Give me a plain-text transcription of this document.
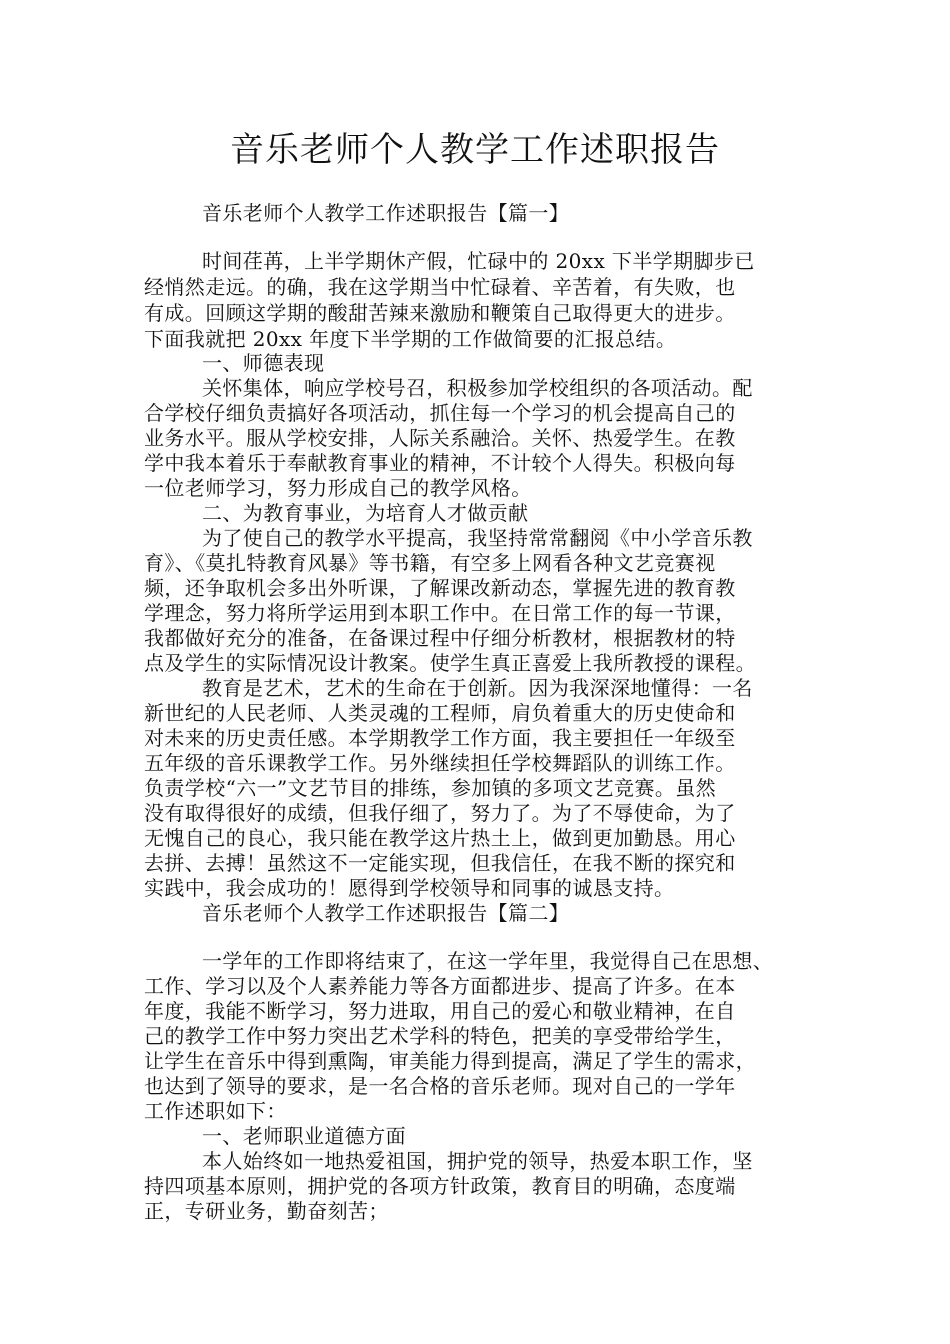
音乐老师个人教学工作述职报告
音乐老师个人教学工作述职报告【篇一】
时间荏苒，上半学期休产假，忙碌中的 20xx 下半学期脚步已
经悄然走远。的确，我在这学期当中忙碌着、辛苦着，有失败，也
有成。回顾这学期的酸甜苦辣来激励和鞭策自己取得更大的进步。
下面我就把 20xx 年度下半学期的工作做简要的汇报总结。
一、师德表现
关怀集体，响应学校号召，积极参加学校组织的各项活动。配
合学校仔细负责搞好各项活动，抓住每一个学习的机会提高自己的
业务水平。服从学校安排，人际关系融洽。关怀、热爱学生。在教
学中我本着乐于奉献教育事业的精神，不计较个人得失。积极向每
一位老师学习，努力形成自己的教学风格。
二、为教育事业，为培育人才做贡献
为了使自己的教学水平提高，我坚持常常翻阅《中小学音乐教
育》、《莫扎特教育风暴》等书籍，有空多上网看各种文艺竞赛视
频，还争取机会多出外听课，了解课改新动态，掌握先进的教育教
学理念，努力将所学运用到本职工作中。在日常工作的每一节课，
我都做好充分的准备，在备课过程中仔细分析教材，根据教材的特
点及学生的实际情况设计教案。使学生真正喜爱上我所教授的课程。
教育是艺术，艺术的生命在于创新。因为我深深地懂得：一名
新世纪的人民老师、人类灵魂的工程师，肩负着重大的历史使命和
对未来的历史责任感。本学期教学工作方面，我主要担任一年级至
五年级的音乐课教学工作。另外继续担任学校舞蹈队的训练工作。
负责学校“六一”文艺节目的排练，参加镇的多项文艺竞赛。虽然
没有取得很好的成绩，但我仔细了，努力了。为了不辱使命，为了
无愧自己的良心，我只能在教学这片热土上，做到更加勤恳。用心
去拼、去搏！虽然这不一定能实现，但我信任，在我不断的探究和
实践中，我会成功的！愿得到学校领导和同事的诚恳支持。
音乐老师个人教学工作述职报告【篇二】
一学年的工作即将结束了，在这一学年里，我觉得自己在思想、
工作、学习以及个人素养能力等各方面都进步、提高了许多。在本
年度，我能不断学习，努力进取，用自己的爱心和敬业精神，在自
己的教学工作中努力突出艺术学科的特色，把美的享受带给学生，
让学生在音乐中得到熏陶，审美能力得到提高，满足了学生的需求，
也达到了领导的要求，是一名合格的音乐老师。现对自己的一学年
工作述职如下：
一、老师职业道德方面
本人始终如一地热爱祖国，拥护党的领导，热爱本职工作，坚
持四项基本原则，拥护党的各项方针政策，教育目的明确，态度端
正，专研业务，勤奋刻苦；
